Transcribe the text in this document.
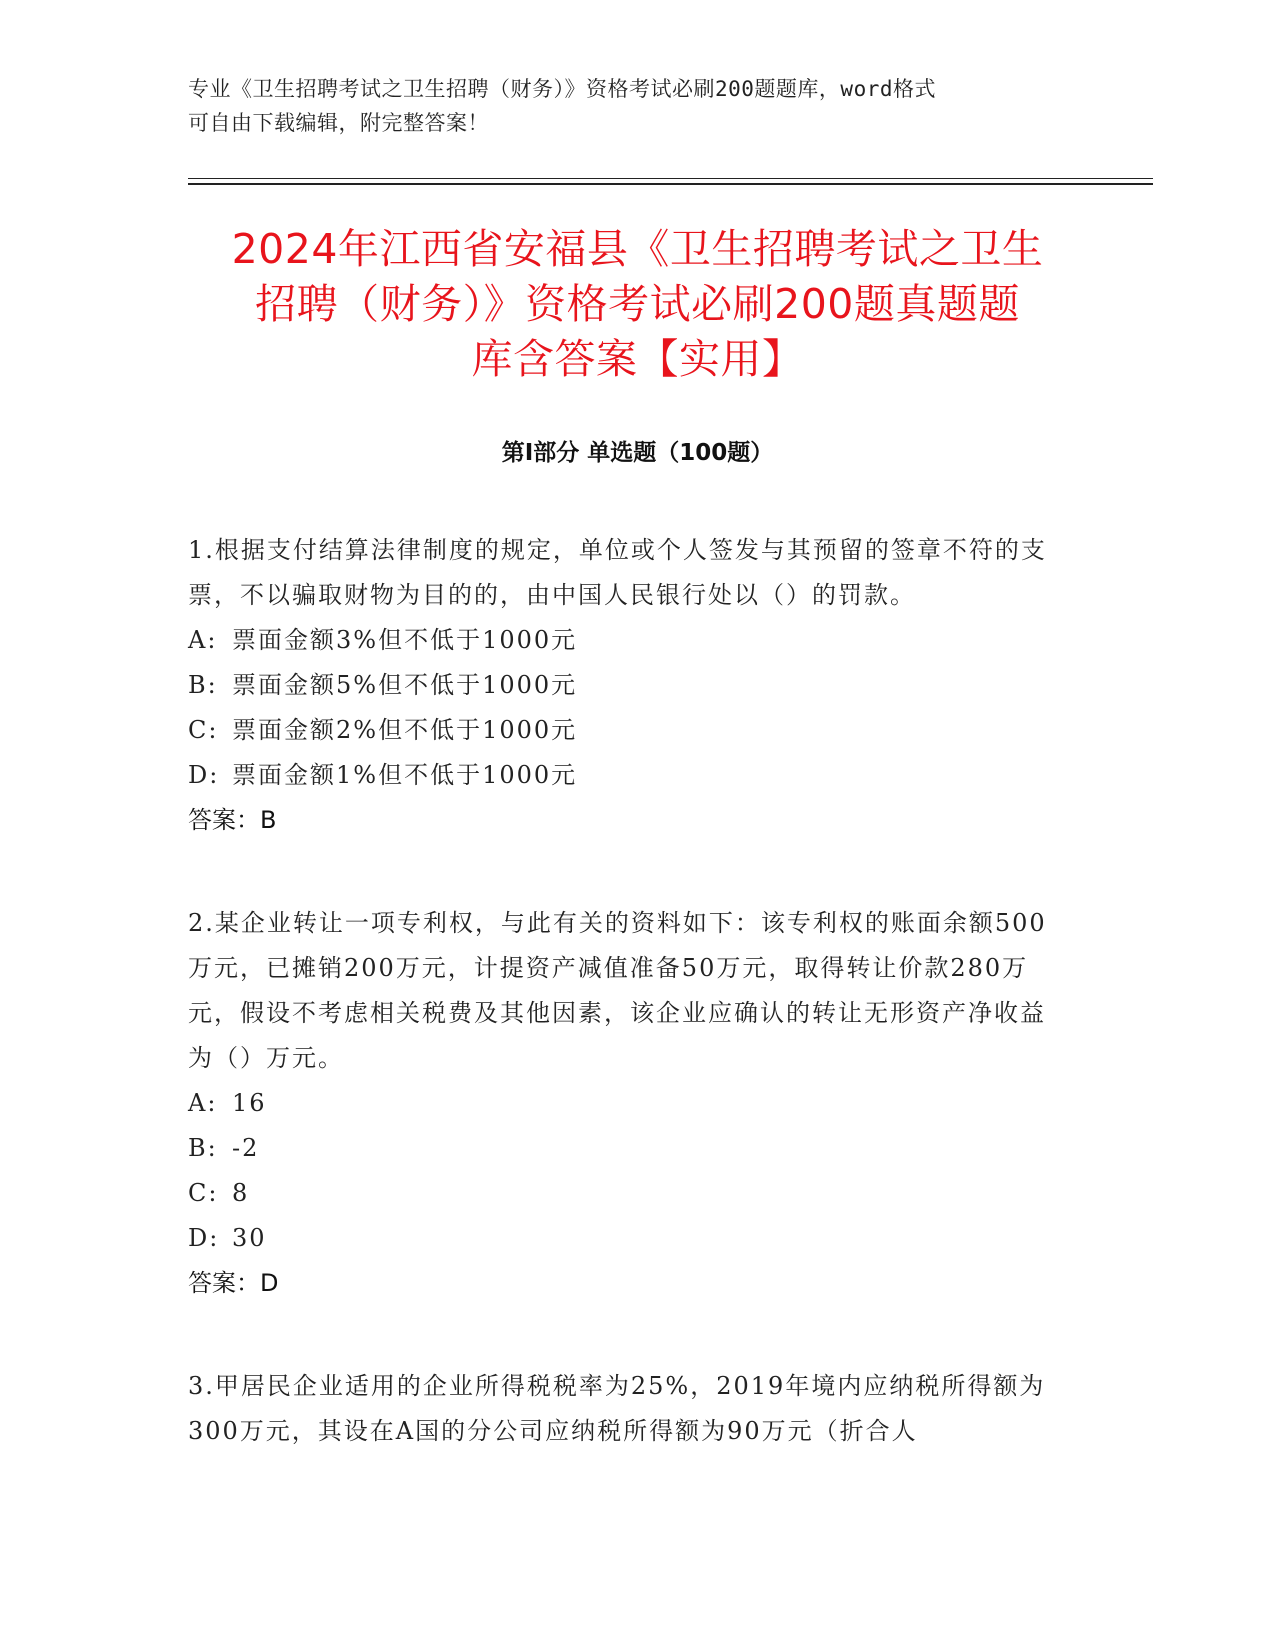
专业《卫生招聘考试之卫生招聘（财务）》资格考试必刷200题题库，word格式
可自由下载编辑，附完整答案！
2024年江西省安福县《卫生招聘考试之卫生
招聘（财务）》资格考试必刷200题真题题
库含答案【实用】
第Ⅰ部分 单选题（100题）

1.根据支付结算法律制度的规定，单位或个人签发与其预留的签章不符的支票，不以骗取财物为目的的，由中国人民银行处以（）的罚款。

A: 票面金额3%但不低于1000元

B: 票面金额5%但不低于1000元

C: 票面金额2%但不低于1000元

D: 票面金额1%但不低于1000元

答案：B

2.某企业转让一项专利权，与此有关的资料如下：该专利权的账面余额500万元，已摊销200万元，计提资产减值准备50万元，取得转让价款280万元，假设不考虑相关税费及其他因素，该企业应确认的转让无形资产净收益为（）万元。

A: 16

B: -2

C: 8

D: 30

答案：D

3.甲居民企业适用的企业所得税税率为25%，2019年境内应纳税所得额为300万元，其设在A国的分公司应纳税所得额为90万元（折合人
